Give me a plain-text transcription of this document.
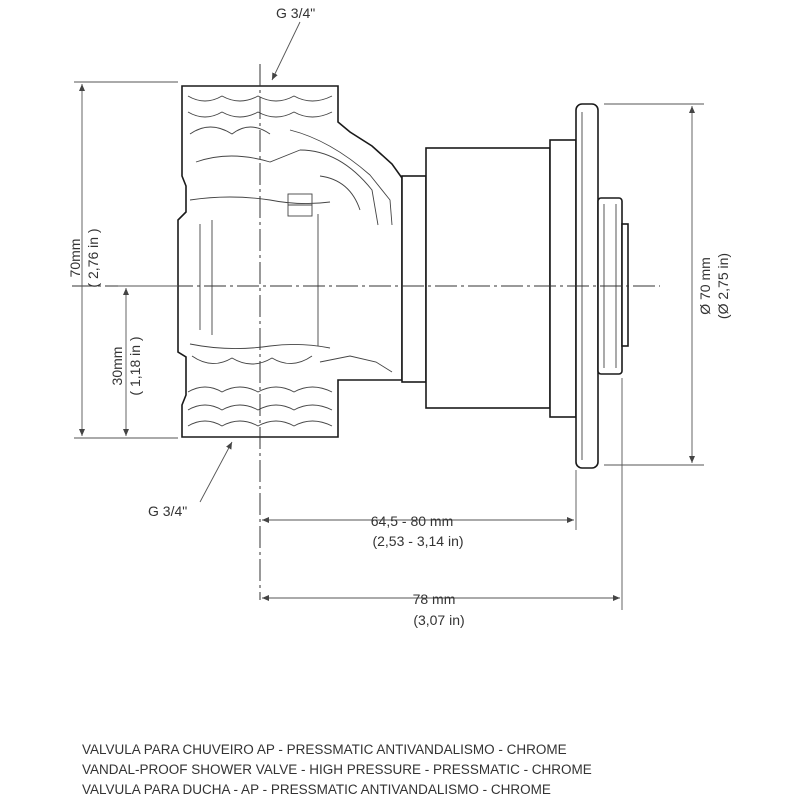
G 3/4"
G 3/4"
70mm ( 2,76 in )
30mm ( 1,18 in )
Ø 70 mm (Ø 2,75 in)
64,5 - 80 mm
(2,53 - 3,14 in)
78 mm
(3,07 in)
VALVULA PARA CHUVEIRO AP - PRESSMATIC ANTIVANDALISMO - CHROME
VANDAL-PROOF SHOWER VALVE - HIGH PRESSURE - PRESSMATIC - CHROME
VALVULA PARA DUCHA - AP - PRESSMATIC ANTIVANDALISMO - CHROME
